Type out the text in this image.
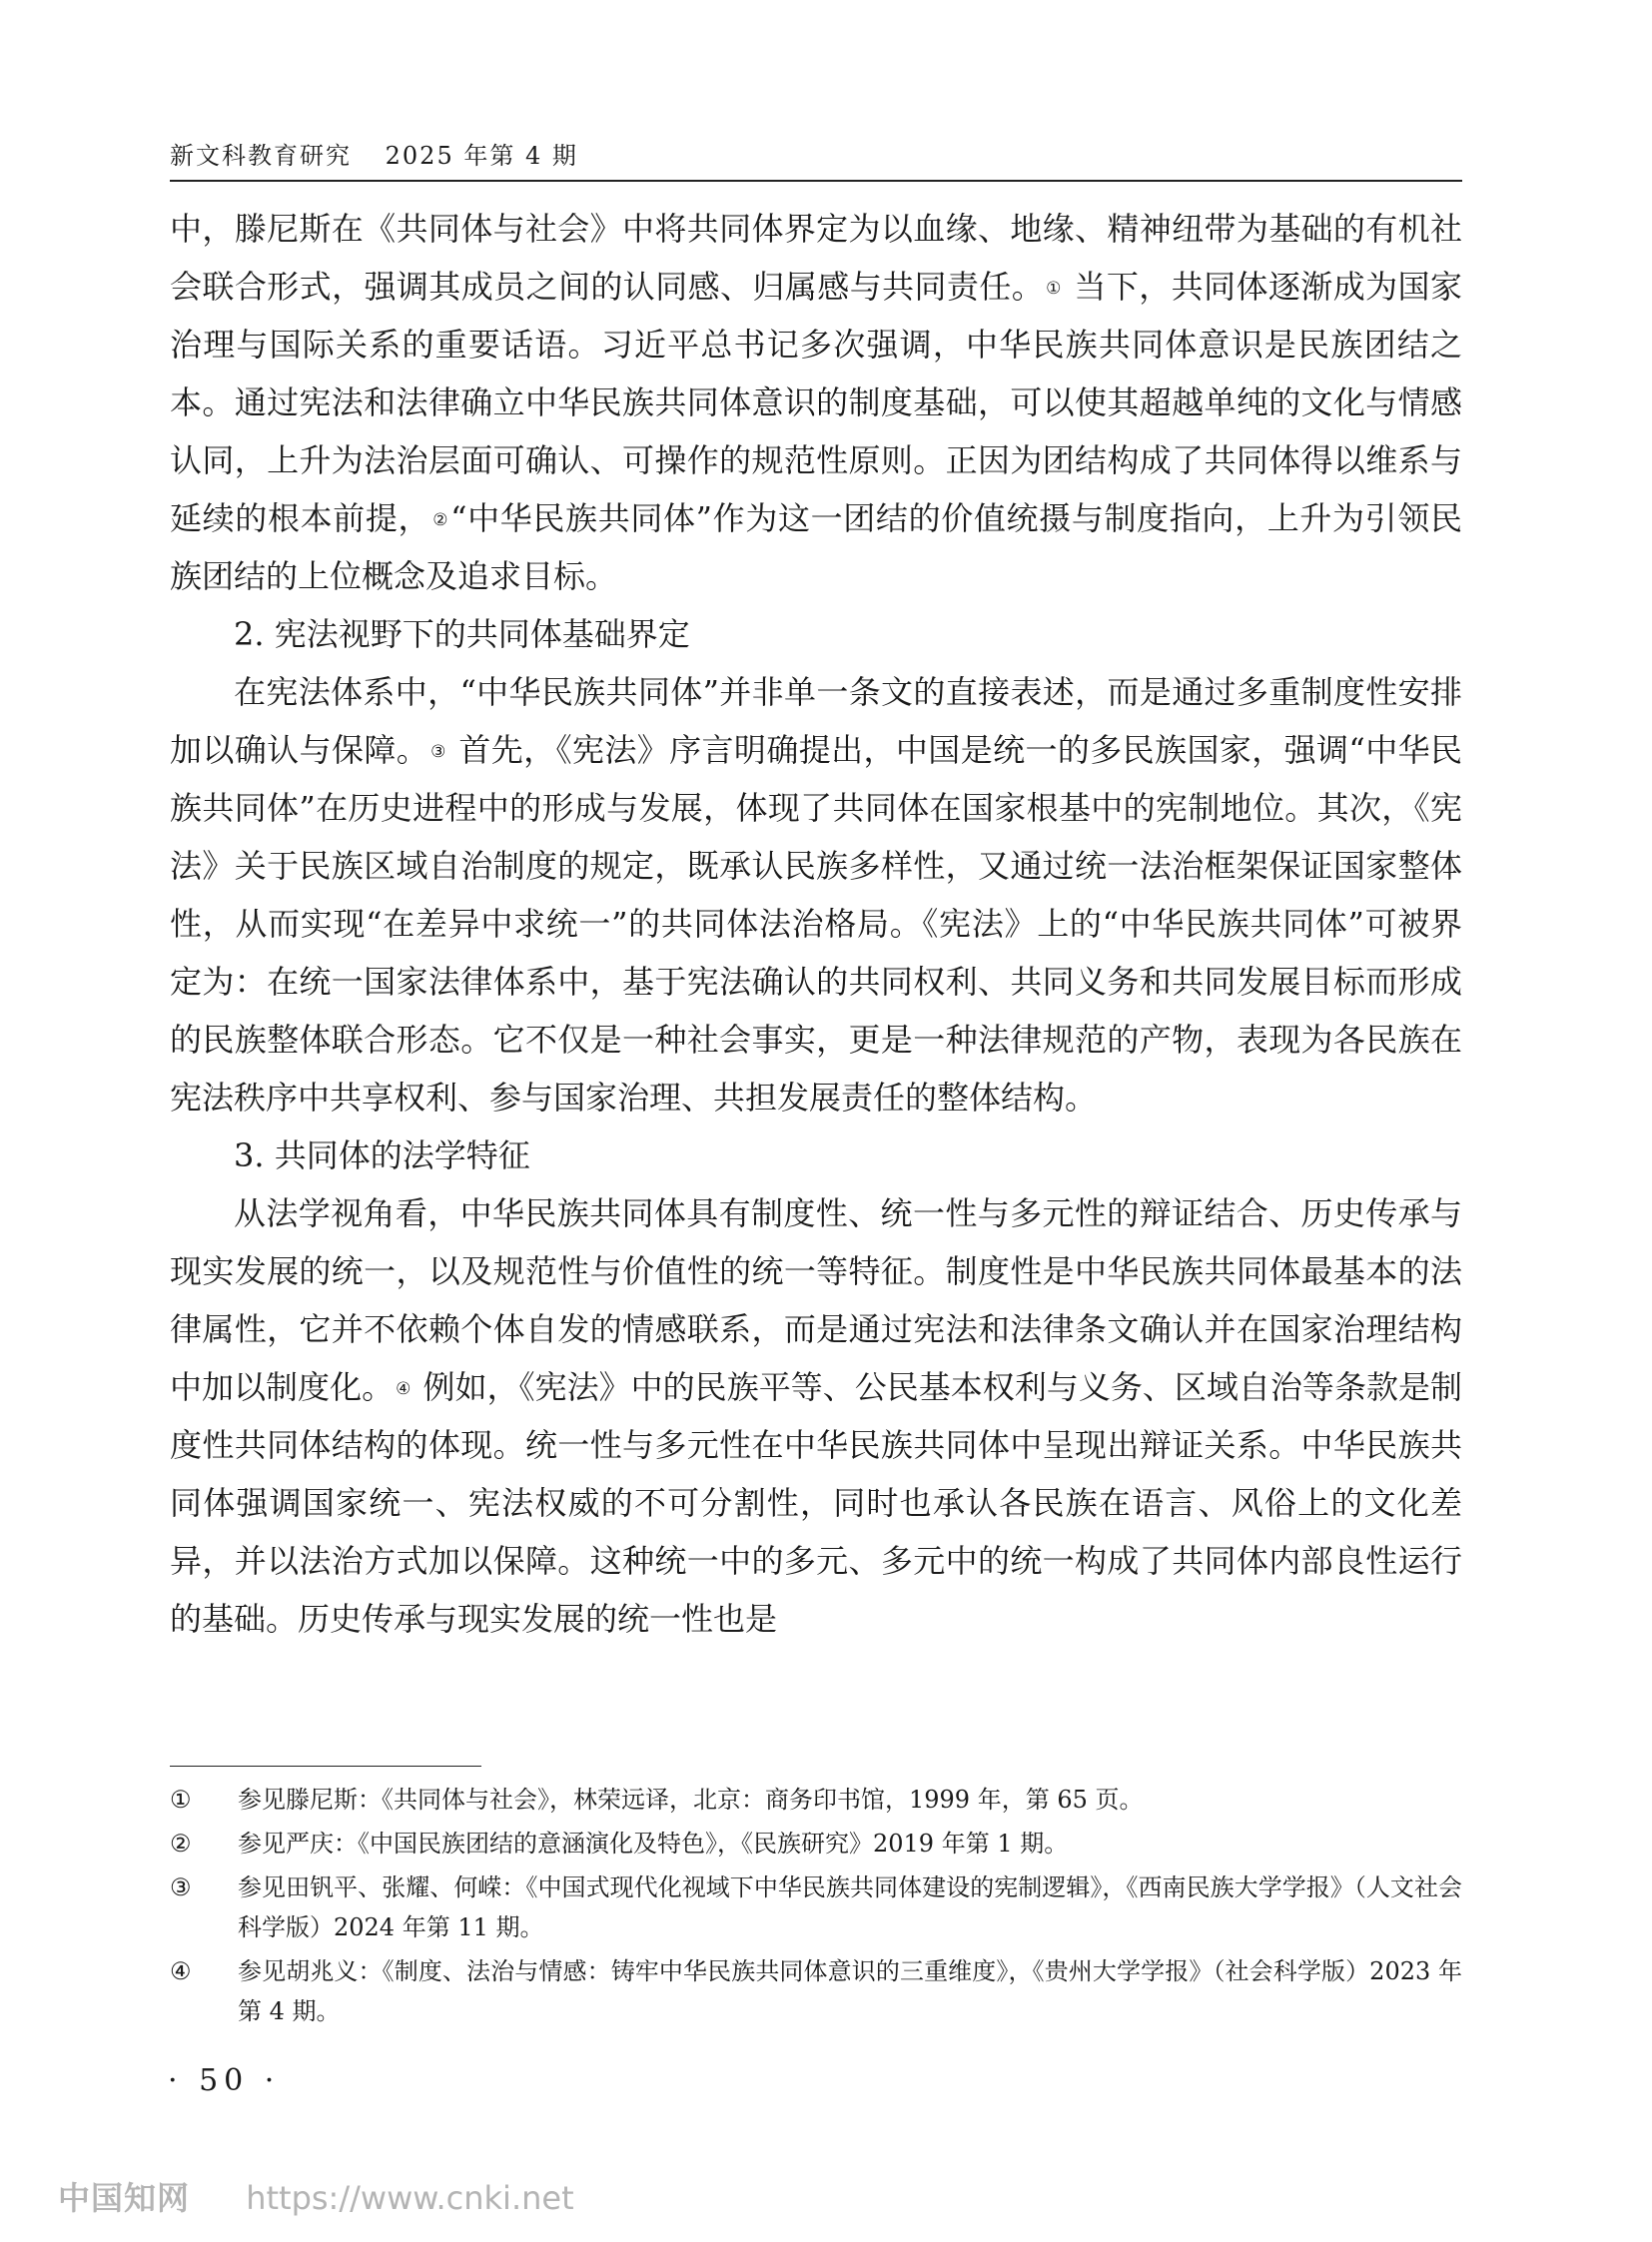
新文科教育研究 2025 年第 4 期

中，滕尼斯在《共同体与社会》中将共同体界定为以血缘、地缘、精神纽带为基础的有机社会联合形式，强调其成员之间的认同感、归属感与共同责任。 ① 当下，共同体逐渐成为国家治理与国际关系的重要话语。习近平总书记多次强调，中华民族共同体意识是民族团结之本。通过宪法和法律确立中华民族共同体意识的制度基础，可以使其超越单纯的文化与情感认同，上升为法治层面可确认、可操作的规范性原则。正因为团结构成了共同体得以维系与延续的根本前提， ②“中华民族共同体”作为这一团结的价值统摄与制度指向，上升为引领民族团结的上位概念及追求目标。

2. 宪法视野下的共同体基础界定

在宪法体系中，“中华民族共同体”并非单一条文的直接表述，而是通过多重制度性安排加以确认与保障。 ③ 首先，《宪法》序言明确提出，中国是统一的多民族国家，强调“中华民族共同体”在历史进程中的形成与发展，体现了共同体在国家根基中的宪制地位。其次，《宪法》关于民族区域自治制度的规定，既承认民族多样性，又通过统一法治框架保证国家整体性，从而实现“在差异中求统一”的共同体法治格局。《宪法》上的“中华民族共同体”可被界定为：在统一国家法律体系中，基于宪法确认的共同权利、共同义务和共同发展目标而形成的民族整体联合形态。它不仅是一种社会事实，更是一种法律规范的产物，表现为各民族在宪法秩序中共享权利、参与国家治理、共担发展责任的整体结构。

3. 共同体的法学特征

从法学视角看，中华民族共同体具有制度性、统一性与多元性的辩证结合、历史传承与现实发展的统一，以及规范性与价值性的统一等特征。制度性是中华民族共同体最基本的法律属性，它并不依赖个体自发的情感联系，而是通过宪法和法律条文确认并在国家治理结构中加以制度化。 ④ 例如，《宪法》中的民族平等、公民基本权利与义务、区域自治等条款是制度性共同体结构的体现。统一性与多元性在中华民族共同体中呈现出辩证关系。中华民族共同体强调国家统一、宪法权威的不可分割性，同时也承认各民族在语言、风俗上的文化差异，并以法治方式加以保障。这种统一中的多元、多元中的统一构成了共同体内部良性运行的基础。历史传承与现实发展的统一性也是

①	参见滕尼斯：《共同体与社会》，林荣远译，北京：商务印书馆，1999 年，第 65 页。
②	参见严庆：《中国民族团结的意涵演化及特色》，《民族研究》2019 年第 1 期。
③	参见田钒平、张耀、何嵘：《中国式现代化视域下中华民族共同体建设的宪制逻辑》，《西南民族大学学报》（人文社会科学版）2024 年第 11 期。
④	参见胡兆义：《制度、法治与情感：铸牢中华民族共同体意识的三重维度》，《贵州大学学报》（社会科学版）2023 年第 4 期。
· 50 ·
中国知网 https://www.cnki.net
